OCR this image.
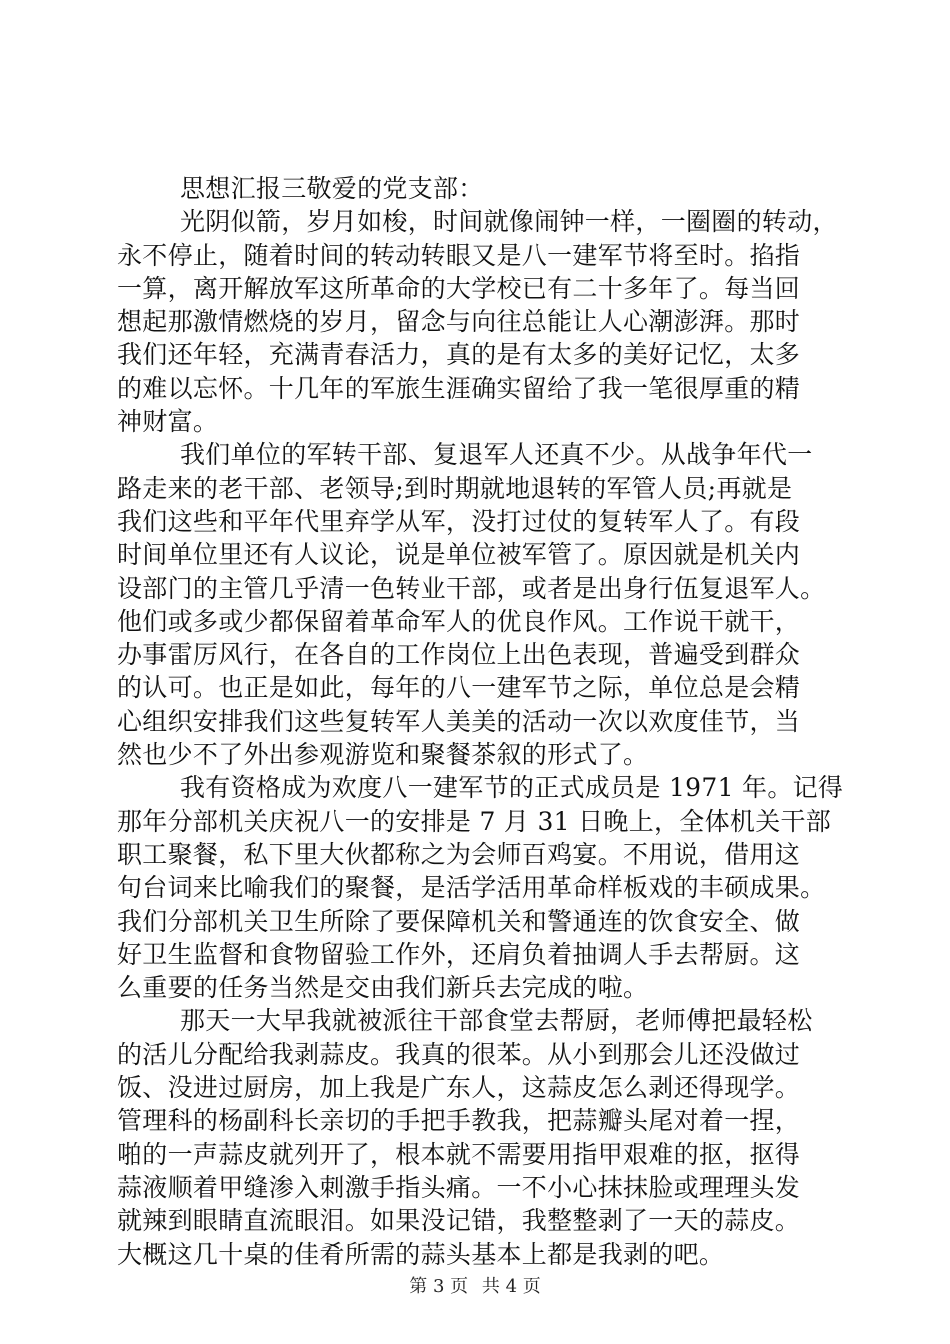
思想汇报三敬爱的党支部：
光阴似箭，岁月如梭，时间就像闹钟一样，一圈圈的转动，
永不停止，随着时间的转动转眼又是八一建军节将至时。掐指
一算，离开解放军这所革命的大学校已有二十多年了。每当回
想起那激情燃烧的岁月，留念与向往总能让人心潮澎湃。那时
我们还年轻，充满青春活力，真的是有太多的美好记忆，太多
的难以忘怀。十几年的军旅生涯确实留给了我一笔很厚重的精
神财富。
我们单位的军转干部、复退军人还真不少。从战争年代一
路走来的老干部、老领导;到时期就地退转的军管人员;再就是
我们这些和平年代里弃学从军，没打过仗的复转军人了。有段
时间单位里还有人议论，说是单位被军管了。原因就是机关内
设部门的主管几乎清一色转业干部，或者是出身行伍复退军人。
他们或多或少都保留着革命军人的优良作风。工作说干就干，
办事雷厉风行，在各自的工作岗位上出色表现，普遍受到群众
的认可。也正是如此，每年的八一建军节之际，单位总是会精
心组织安排我们这些复转军人美美的活动一次以欢度佳节，当
然也少不了外出参观游览和聚餐茶叙的形式了。
我有资格成为欢度八一建军节的正式成员是 1971 年。记得
那年分部机关庆祝八一的安排是 7 月 31 日晚上，全体机关干部
职工聚餐，私下里大伙都称之为会师百鸡宴。不用说，借用这
句台词来比喻我们的聚餐，是活学活用革命样板戏的丰硕成果。
我们分部机关卫生所除了要保障机关和警通连的饮食安全、做
好卫生监督和食物留验工作外，还肩负着抽调人手去帮厨。这
么重要的任务当然是交由我们新兵去完成的啦。
那天一大早我就被派往干部食堂去帮厨，老师傅把最轻松
的活儿分配给我剥蒜皮。我真的很苯。从小到那会儿还没做过
饭、没进过厨房，加上我是广东人，这蒜皮怎么剥还得现学。
管理科的杨副科长亲切的手把手教我，把蒜瓣头尾对着一捏，
啪的一声蒜皮就列开了，根本就不需要用指甲艰难的抠，抠得
蒜液顺着甲缝渗入刺激手指头痛。一不小心抹抹脸或理理头发
就辣到眼睛直流眼泪。如果没记错，我整整剥了一天的蒜皮。
大概这几十桌的佳肴所需的蒜头基本上都是我剥的吧。
第 3 页 共 4 页
